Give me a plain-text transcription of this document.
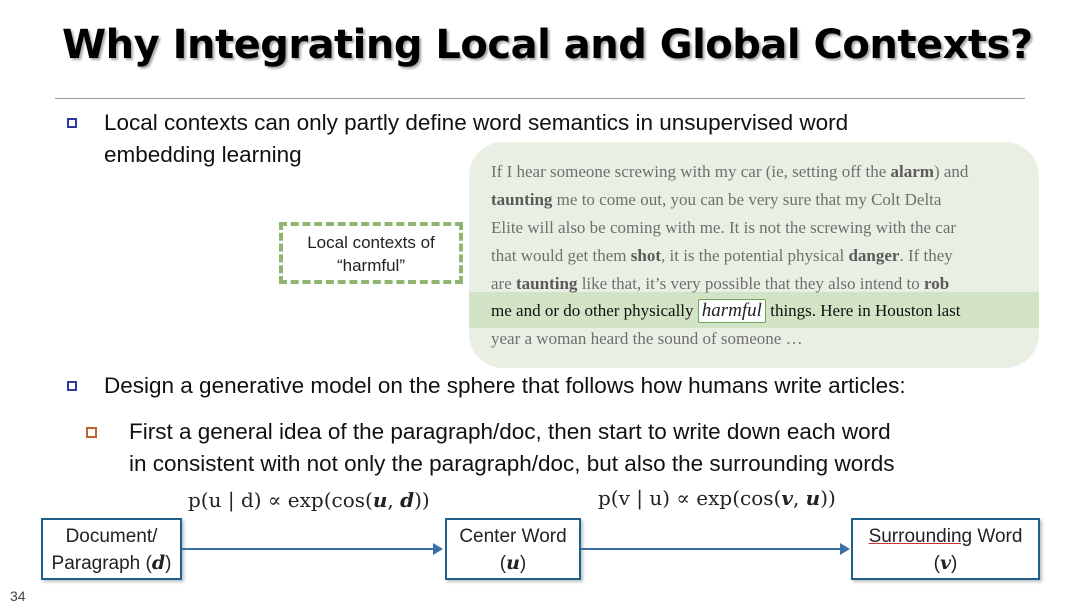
Why Integrating Local and Global Contexts?
Local contexts can only partly define word semantics in unsupervised word
embedding learning
If I hear someone screwing with my car (ie, setting off the alarm) and
taunting me to come out, you can be very sure that my Colt Delta
Elite will also be coming with me. It is not the screwing with the car
that would get them shot, it is the potential physical danger. If they
are taunting like that, it’s very possible that they also intend to rob
me and or do other physically harmful things. Here in Houston last
year a woman heard the sound of someone …
Local contexts of
“harmful”
Design a generative model on the sphere that follows how humans write articles:
First a general idea of the paragraph/doc, then start to write down each word
in consistent with not only the paragraph/doc, but also the surrounding words
p(u | d) ∝ exp(cos(u, d))	p(v | u) ∝ exp(cos(v, u))
Document/
Paragraph (d)
Center Word
(u)
Surrounding Word
(v)
34
